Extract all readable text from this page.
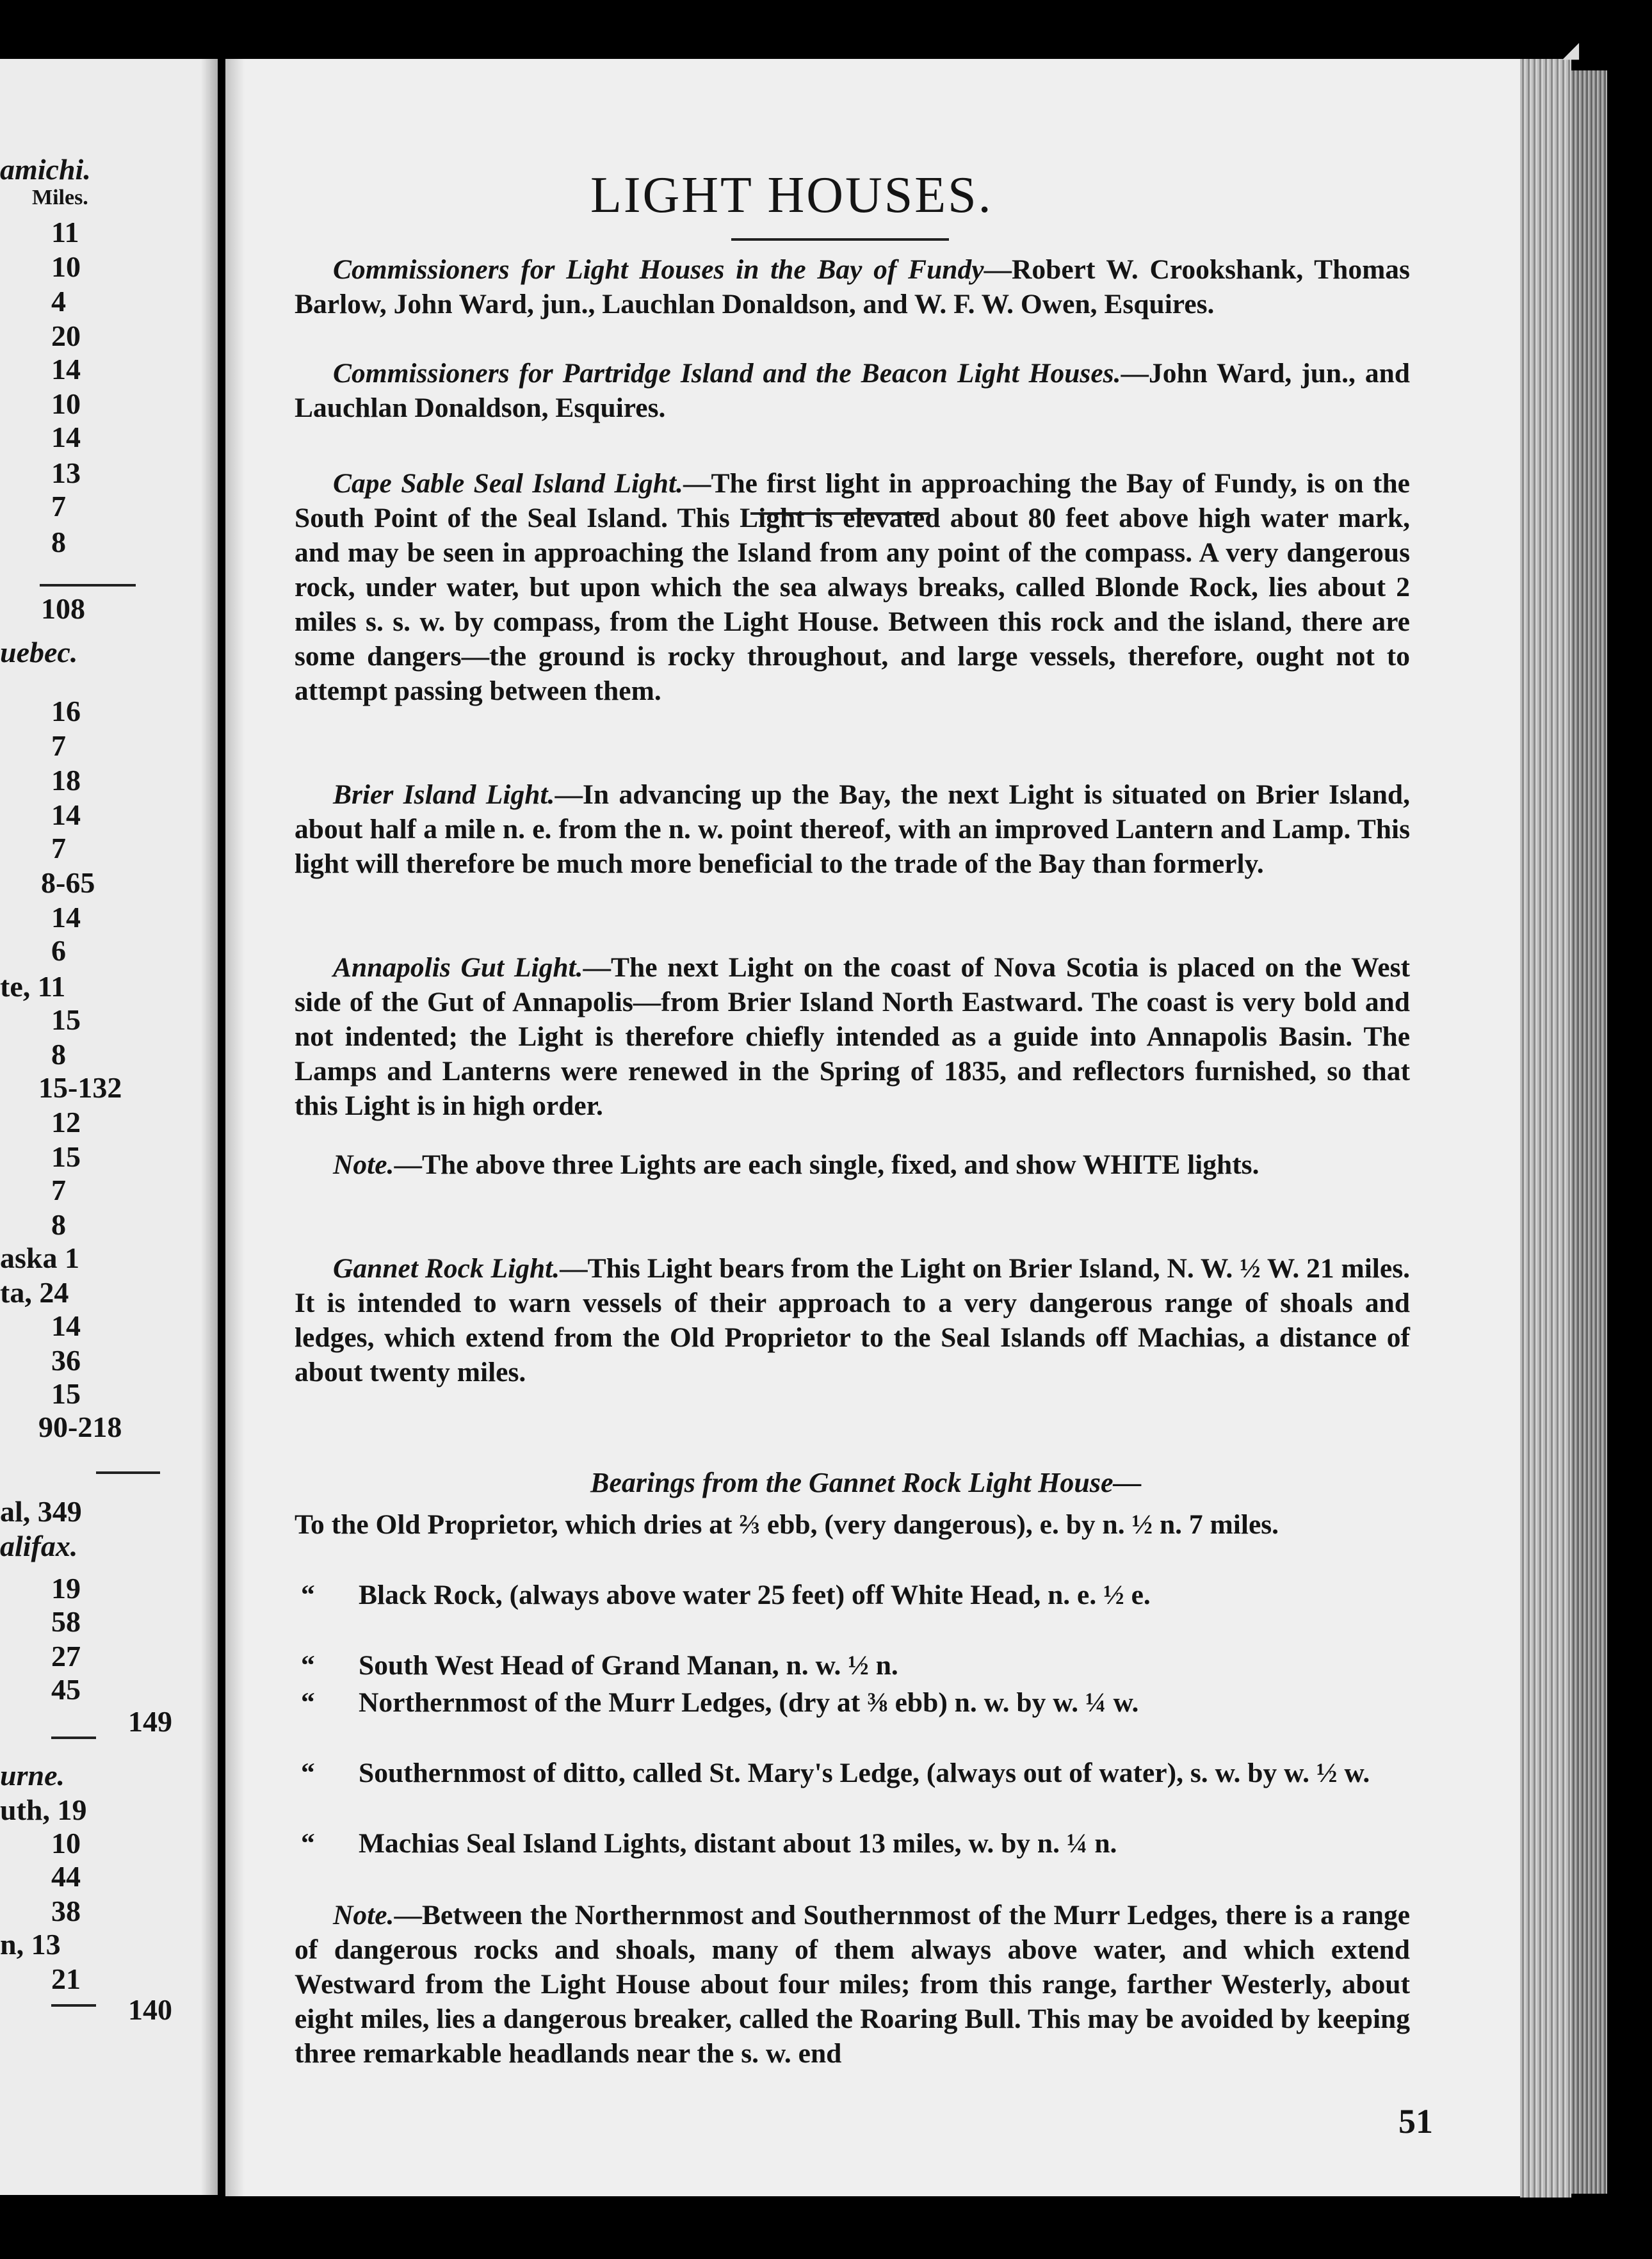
amichi.
Miles.
11
10
4
20
14
10
14
13
7
8
108
uebec.
16
7
18
14
7
8-65
14
6
te, 11
15
8
15-132
12
15
7
8
aska 1
ta, 24
14
36
15
90-218
al, 349
alifax.
19
58
27
45
149
urne.
uth, 19
10
44
38
n, 13
21
140
◢
LIGHT HOUSES.
Commissioners for Light Houses in the Bay of Fundy—Robert W. Crookshank, Thomas Barlow, John Ward, jun., Lauchlan Donaldson, and W. F. W. Owen, Esquires.
Commissioners for Partridge Island and the Beacon Light Houses.—John Ward, jun., and Lauchlan Donaldson, Esquires.
Cape Sable Seal Island Light.—The first light in approaching the Bay of Fundy, is on the South Point of the Seal Island. This Light is elevated about 80 feet above high water mark, and may be seen in approaching the Island from any point of the compass. A very dangerous rock, under water, but upon which the sea always breaks, called Blonde Rock, lies about 2 miles s. s. w. by compass, from the Light House. Between this rock and the island, there are some dangers—the ground is rocky throughout, and large vessels, therefore, ought not to attempt passing between them.
Brier Island Light.—In advancing up the Bay, the next Light is situated on Brier Island, about half a mile n. e. from the n. w. point thereof, with an improved Lantern and Lamp. This light will therefore be much more beneficial to the trade of the Bay than formerly.
Annapolis Gut Light.—The next Light on the coast of Nova Scotia is placed on the West side of the Gut of Annapolis—from Brier Island North Eastward. The coast is very bold and not indented; the Light is therefore chiefly intended as a guide into Annapolis Basin. The Lamps and Lanterns were renewed in the Spring of 1835, and reflectors furnished, so that this Light is in high order.
Note.—The above three Lights are each single, fixed, and show WHITE lights.
Gannet Rock Light.—This Light bears from the Light on Brier Island, N. W. ½ W. 21 miles. It is intended to warn vessels of their approach to a very dangerous range of shoals and ledges, which extend from the Old Proprietor to the Seal Islands off Machias, a distance of about twenty miles.
Bearings from the Gannet Rock Light House—
To the Old Proprietor, which dries at ⅔ ebb, (very dangerous), e. by n. ½ n. 7 miles.
“ Black Rock, (always above water 25 feet) off White Head, n. e. ½ e.
“ South West Head of Grand Manan, n. w. ½ n.
“ Northernmost of the Murr Ledges, (dry at ⅜ ebb) n. w. by w. ¼ w.
“ Southernmost of ditto, called St. Mary's Ledge, (always out of water), s. w. by w. ½ w.
“ Machias Seal Island Lights, distant about 13 miles, w. by n. ¼ n.
Note.—Between the Northernmost and Southernmost of the Murr Ledges, there is a range of dangerous rocks and shoals, many of them always above water, and which extend Westward from the Light House about four miles; from this range, farther Westerly, about eight miles, lies a dangerous breaker, called the Roaring Bull. This may be avoided by keeping three remarkable headlands near the s. w. end
51
